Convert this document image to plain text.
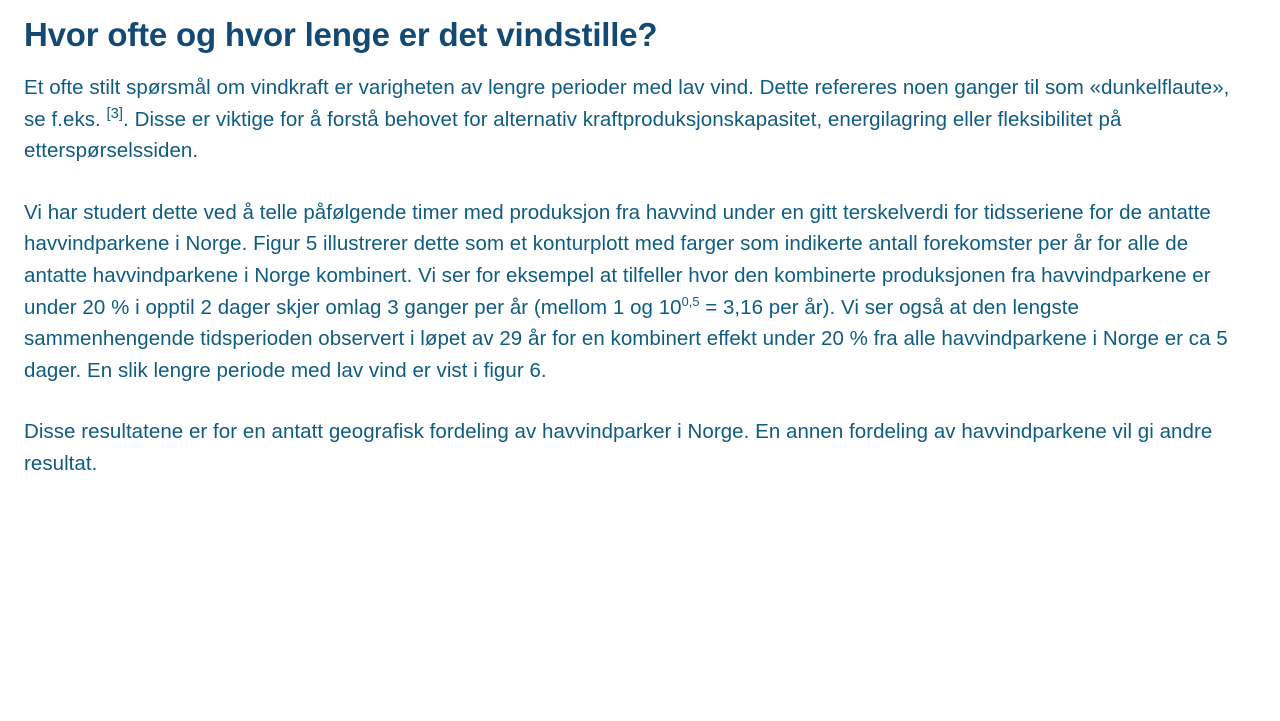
Hvor ofte og hvor lenge er det vindstille?

Et ofte stilt spørsmål om vindkraft er varigheten av lengre perioder med lav vind. Dette refereres noen ganger til som «dunkelflaute», se f.eks. [3]. Disse er viktige for å forstå behovet for alternativ kraftproduksjonskapasitet, energilagring eller fleksibilitet på etterspørselssiden.

Vi har studert dette ved å telle påfølgende timer med produksjon fra havvind under en gitt terskelverdi for tidsseriene for de antatte havvindparkene i Norge. Figur 5 illustrerer dette som et konturplott med farger som indikerte antall forekomster per år for alle de antatte havvindparkene i Norge kombinert. Vi ser for eksempel at tilfeller hvor den kombinerte produksjonen fra havvindparkene er under 20 % i opptil 2 dager skjer omlag 3 ganger per år (mellom 1 og $10^{0,5} = 3,16$ per år). Vi ser også at den lengste sammenhengende tidsperioden observert i løpet av 29 år for en kombinert effekt under 20 % fra alle havvindparkene i Norge er ca 5 dager. En slik lengre periode med lav vind er vist i figur 6.

Disse resultatene er for en antatt geografisk fordeling av havvindparker i Norge. En annen fordeling av havvindparkene vil gi andre resultat.
